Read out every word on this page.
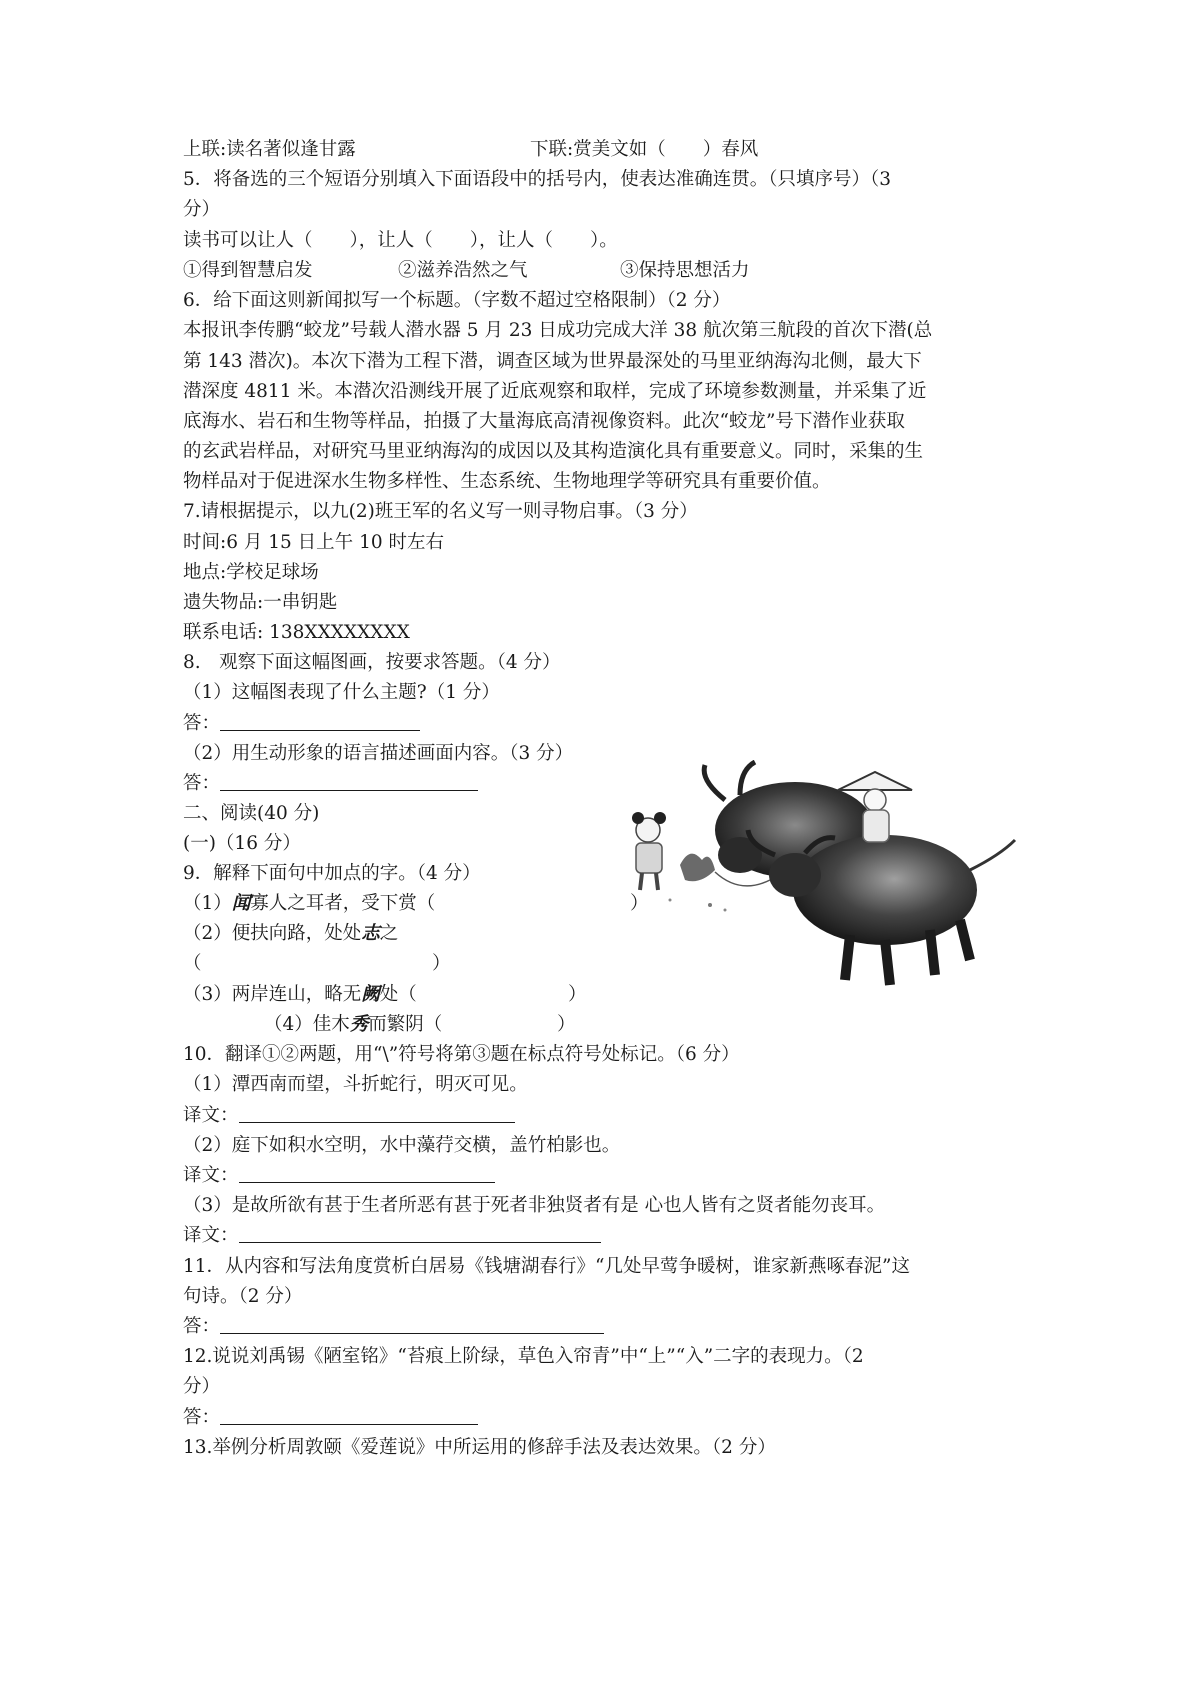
上联:读名著似逢甘露	下联:赏美文如（　　）春风
5．将备选的三个短语分别填入下面语段中的括号内，使表达准确连贯。（只填序号）（3
分）
读书可以让人（　　），让人（　　），让人（　　）。
①得到智慧启发	②滋养浩然之气	③保持思想活力
6．给下面这则新闻拟写一个标题。（字数不超过空格限制）（2 分）
本报讯李传鹏“蛟龙”号载人潜水器 5 月 23 日成功完成大洋 38 航次第三航段的首次下潜(总
第 143 潜次)。本次下潜为工程下潜，调查区域为世界最深处的马里亚纳海沟北侧，最大下
潜深度 4811 米。本潜次沿测线开展了近底观察和取样，完成了环境参数测量，并采集了近
底海水、岩石和生物等样品，拍摄了大量海底高清视像资料。此次“蛟龙”号下潜作业获取
的玄武岩样品，对研究马里亚纳海沟的成因以及其构造演化具有重要意义。同时，采集的生
物样品对于促进深水生物多样性、生态系统、生物地理学等研究具有重要价值。
7.请根据提示，以九(2)班王军的名义写一则寻物启事。（3 分）
时间:6 月 15 日上午 10 时左右
地点:学校足球场
遗失物品:一串钥匙
联系电话: 138XXXXXXXX
8.　观察下面这幅图画，按要求答题。（4 分）
（1）这幅图表现了什么主题?（1 分）
答：
（2）用生动形象的语言描述画面内容。（3 分）
答：
二、阅读(40 分)
(一)（16 分）
9．解释下面句中加点的字。（4 分）
（1）闻寡人之耳者，受下赏（	）
（2）便扶向路，处处志之
（	）
（3）两岸连山，略无阙处（	）
（4）佳木秀而繁阴（	）
10．翻译①②两题，用“\”符号将第③题在标点符号处标记。（6 分）
（1）潭西南而望，斗折蛇行，明灭可见。
译文：
（2）庭下如积水空明，水中藻荇交横，盖竹柏影也。
译文：
（3）是故所欲有甚于生者所恶有甚于死者非独贤者有是 心也人皆有之贤者能勿丧耳。
译文：
11．从内容和写法角度赏析白居易《钱塘湖春行》“几处早莺争暖树，谁家新燕啄春泥”这
句诗。（2 分）
答：
12.说说刘禹锡《陋室铭》“苔痕上阶绿，草色入帘青”中“上”“入”二字的表现力。（2
分）
答：
13.举例分析周敦颐《爱莲说》中所运用的修辞手法及表达效果。（2 分）
